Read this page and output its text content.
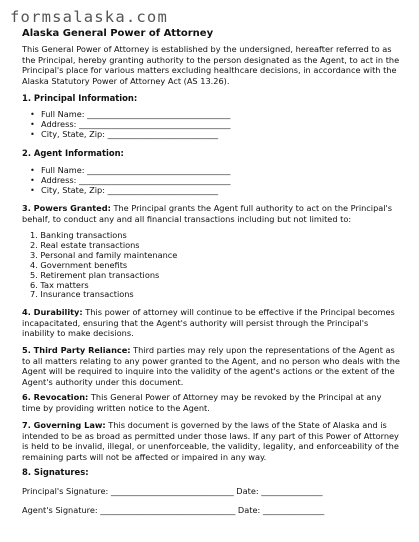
formsalaska.com
Alaska General Power of Attorney

This General Power of Attorney is established by the undersigned, hereafter referred to as the Principal, hereby granting authority to the person designated as the Agent, to act in the Principal's place for various matters excluding healthcare decisions, in accordance with the Alaska Statutory Power of Attorney Act (AS 13.26).

1. Principal Information:
• Full Name: ___________________________________
• Address: _____________________________________
• City, State, Zip: ___________________________
2. Agent Information:
• Full Name: ___________________________________
• Address: _____________________________________
• City, State, Zip: ___________________________

3. Powers Granted: The Principal grants the Agent full authority to act on the Principal's behalf, to conduct any and all financial transactions including but not limited to:

1. Banking transactions
2. Real estate transactions
3. Personal and family maintenance
4. Government benefits
5. Retirement plan transactions
6. Tax matters
7. Insurance transactions

4. Durability: This power of attorney will continue to be effective if the Principal becomes incapacitated, ensuring that the Agent's authority will persist through the Principal's inability to make decisions.

5. Third Party Reliance: Third parties may rely upon the representations of the Agent as to all matters relating to any power granted to the Agent, and no person who deals with the Agent will be required to inquire into the validity of the agent's actions or the extent of the Agent's authority under this document.

6. Revocation: This General Power of Attorney may be revoked by the Principal at any time by providing written notice to the Agent.

7. Governing Law: This document is governed by the laws of the State of Alaska and is intended to be as broad as permitted under those laws. If any part of this Power of Attorney is held to be invalid, illegal, or unenforceable, the validity, legality, and enforceability of the remaining parts will not be affected or impaired in any way.

8. Signatures:
Principal's Signature: ______________________________ Date: _______________
Agent's Signature: _________________________________ Date: _______________
